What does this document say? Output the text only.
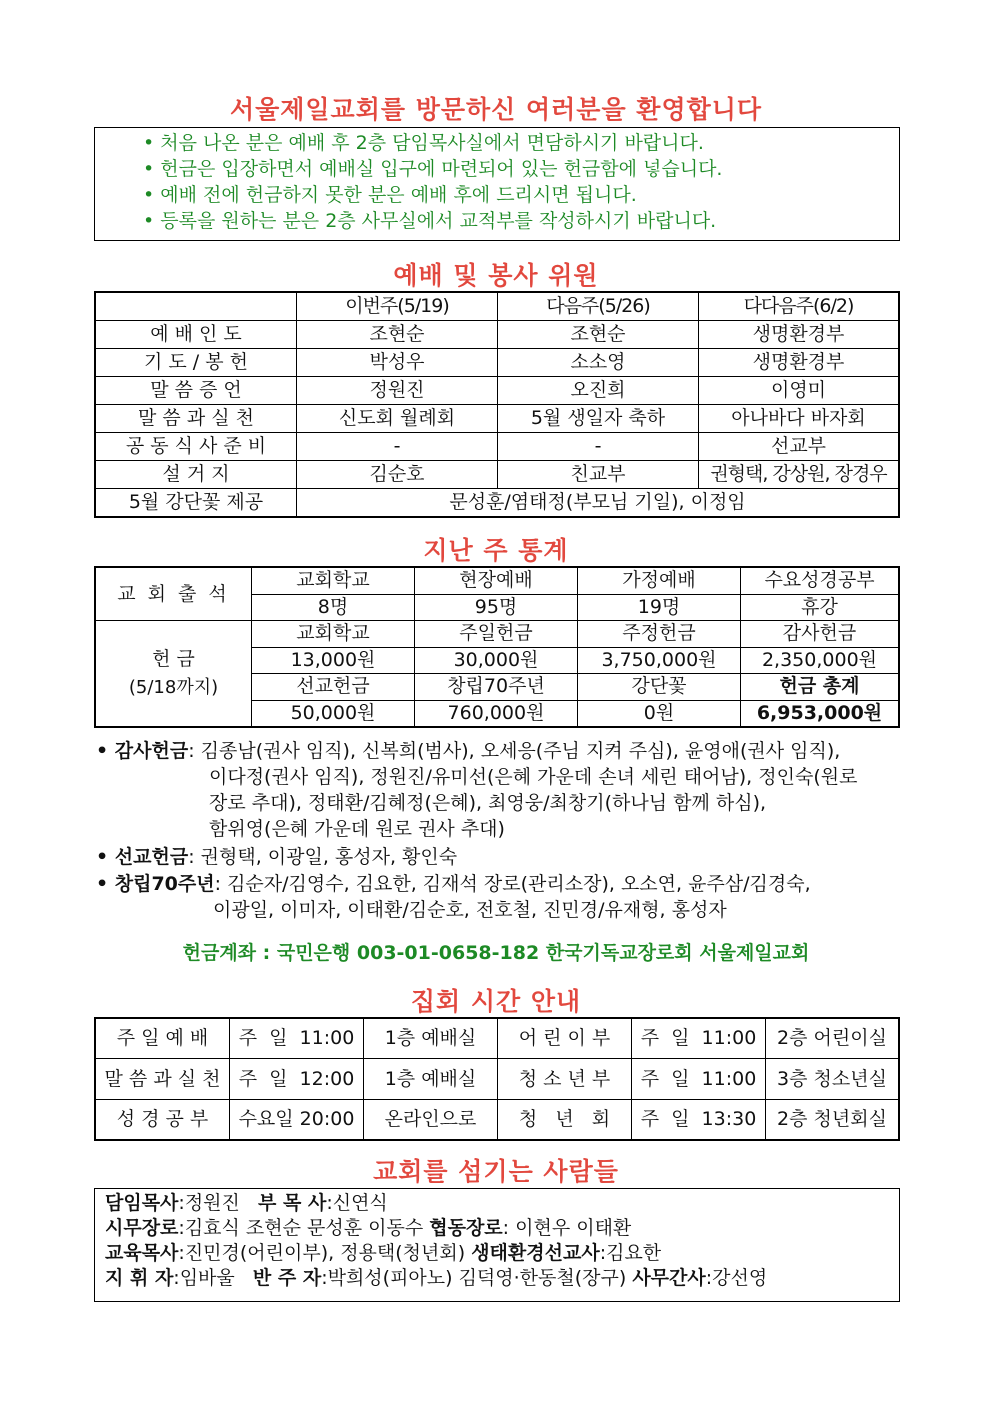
서울제일교회를 방문하신 여러분을 환영합니다
• 처음 나온 분은 예배 후 2층 담임목사실에서 면담하시기 바랍니다.
• 헌금은 입장하면서 예배실 입구에 마련되어 있는 헌금함에 넣습니다.
• 예배 전에 헌금하지 못한 분은 예배 후에 드리시면 됩니다.
• 등록을 원하는 분은 2층 사무실에서 교적부를 작성하시기 바랍니다.
예배 및 봉사 위원
	이번주(5/19)	다음주(5/26)	다다음주(6/2)
예 배 인 도	조현순	조현순	생명환경부
기 도 / 봉 헌	박성우	소소영	생명환경부
말 씀 증 언	정원진	오진희	이영미
말 씀 과 실 천	신도회 월례회	5월 생일자 축하	아나바다 바자회
공 동 식 사 준 비	-	-	선교부
설 거 지	김순호	친교부	권형택, 강상원, 장경우
5월 강단꽃 제공	문성훈/염태정(부모님 기일), 이정임		
지난 주 통계
교 회 출 석	교회학교	현장예배	가정예배	수요성경공부
	8명	95명	19명	휴강

헌 금
(5/18까지)	교회학교	주일헌금	주정헌금	감사헌금
	13,000원	30,000원	3,750,000원	2,350,000원
	선교헌금	창립70주년	강단꽃	헌금 총계
	50,000원	760,000원	0원	6,953,000원
• 감사헌금: 김종남(권사 임직), 신복희(범사), 오세응(주님 지켜 주심), 윤영애(권사 임직),
이다정(권사 임직), 정원진/유미선(은혜 가운데 손녀 세린 태어남), 정인숙(원로
장로 추대), 정태환/김혜정(은혜), 최영웅/최창기(하나님 함께 하심),
함위영(은혜 가운데 원로 권사 추대)
• 선교헌금: 권형택, 이광일, 홍성자, 황인숙
• 창립70주년: 김순자/김영수, 김요한, 김재석 장로(관리소장), 오소연, 윤주삼/김경숙,
이광일, 이미자, 이태환/김순호, 전호철, 진민경/유재형, 홍성자
헌금계좌 : 국민은행 003-01-0658-182 한국기독교장로회 서울제일교회
집회 시간 안내
주 일 예 배	주  일  11:00	1층 예배실	어 린 이 부	주  일  11:00	2층 어린이실
말 씀 과 실 천	주  일  12:00	1층 예배실	청 소 년 부	주  일  11:00	3층 청소년실
성 경 공 부	수요일 20:00	온라인으로	청   년   회	주  일  13:30	2층 청년회실
교회를 섬기는 사람들
담임목사:정원진 부 목 사:신연식
시무장로:김효식 조현순 문성훈 이동수 협동장로: 이현우 이태환
교육목사:진민경(어린이부), 정용택(청년회) 생태환경선교사:김요한
지 휘 자:임바울 반 주 자:박희성(피아노) 김덕영·한동철(장구) 사무간사:강선영
